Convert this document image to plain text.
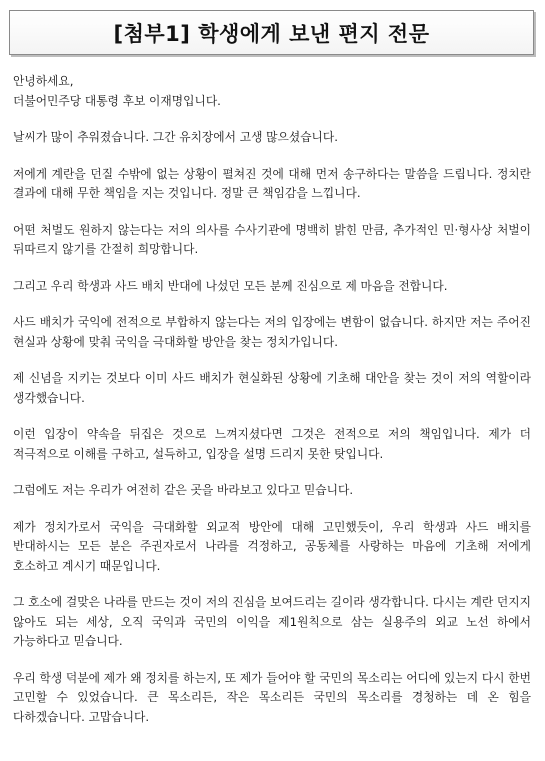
[첨부1] 학생에게 보낸 편지 전문

안녕하세요,
더불어민주당 대통령 후보 이재명입니다.

날씨가 많이 추워졌습니다. 그간 유치장에서 고생 많으셨습니다.

저에게 계란을 던질 수밖에 없는 상황이 펼쳐진 것에 대해 먼저 송구하다는 말씀을 드립니다. 정치란 결과에 대해 무한 책임을 지는 것입니다. 정말 큰 책임감을 느낍니다.

어떤 처벌도 원하지 않는다는 저의 의사를 수사기관에 명백히 밝힌 만큼, 추가적인 민·형사상 처벌이 뒤따르지 않기를 간절히 희망합니다.

그리고 우리 학생과 사드 배치 반대에 나섰던 모든 분께 진심으로 제 마음을 전합니다.

사드 배치가 국익에 전적으로 부합하지 않는다는 저의 입장에는 변함이 없습니다. 하지만 저는 주어진 현실과 상황에 맞춰 국익을 극대화할 방안을 찾는 정치가입니다.

제 신념을 지키는 것보다 이미 사드 배치가 현실화된 상황에 기초해 대안을 찾는 것이 저의 역할이라 생각했습니다.

이런 입장이 약속을 뒤집은 것으로 느껴지셨다면 그것은 전적으로 저의 책임입니다. 제가 더 적극적으로 이해를 구하고, 설득하고, 입장을 설명 드리지 못한 탓입니다.

그럼에도 저는 우리가 여전히 같은 곳을 바라보고 있다고 믿습니다.

제가 정치가로서 국익을 극대화할 외교적 방안에 대해 고민했듯이, 우리 학생과 사드 배치를 반대하시는 모든 분은 주권자로서 나라를 걱정하고, 공동체를 사랑하는 마음에 기초해 저에게 호소하고 계시기 때문입니다.

그 호소에 걸맞은 나라를 만드는 것이 저의 진심을 보여드리는 길이라 생각합니다. 다시는 계란 던지지 않아도 되는 세상, 오직 국익과 국민의 이익을 제1원칙으로 삼는 실용주의 외교 노선 하에서 가능하다고 믿습니다.

우리 학생 덕분에 제가 왜 정치를 하는지, 또 제가 들어야 할 국민의 목소리는 어디에 있는지 다시 한번 고민할 수 있었습니다. 큰 목소리든, 작은 목소리든 국민의 목소리를 경청하는 데 온 힘을 다하겠습니다. 고맙습니다.
